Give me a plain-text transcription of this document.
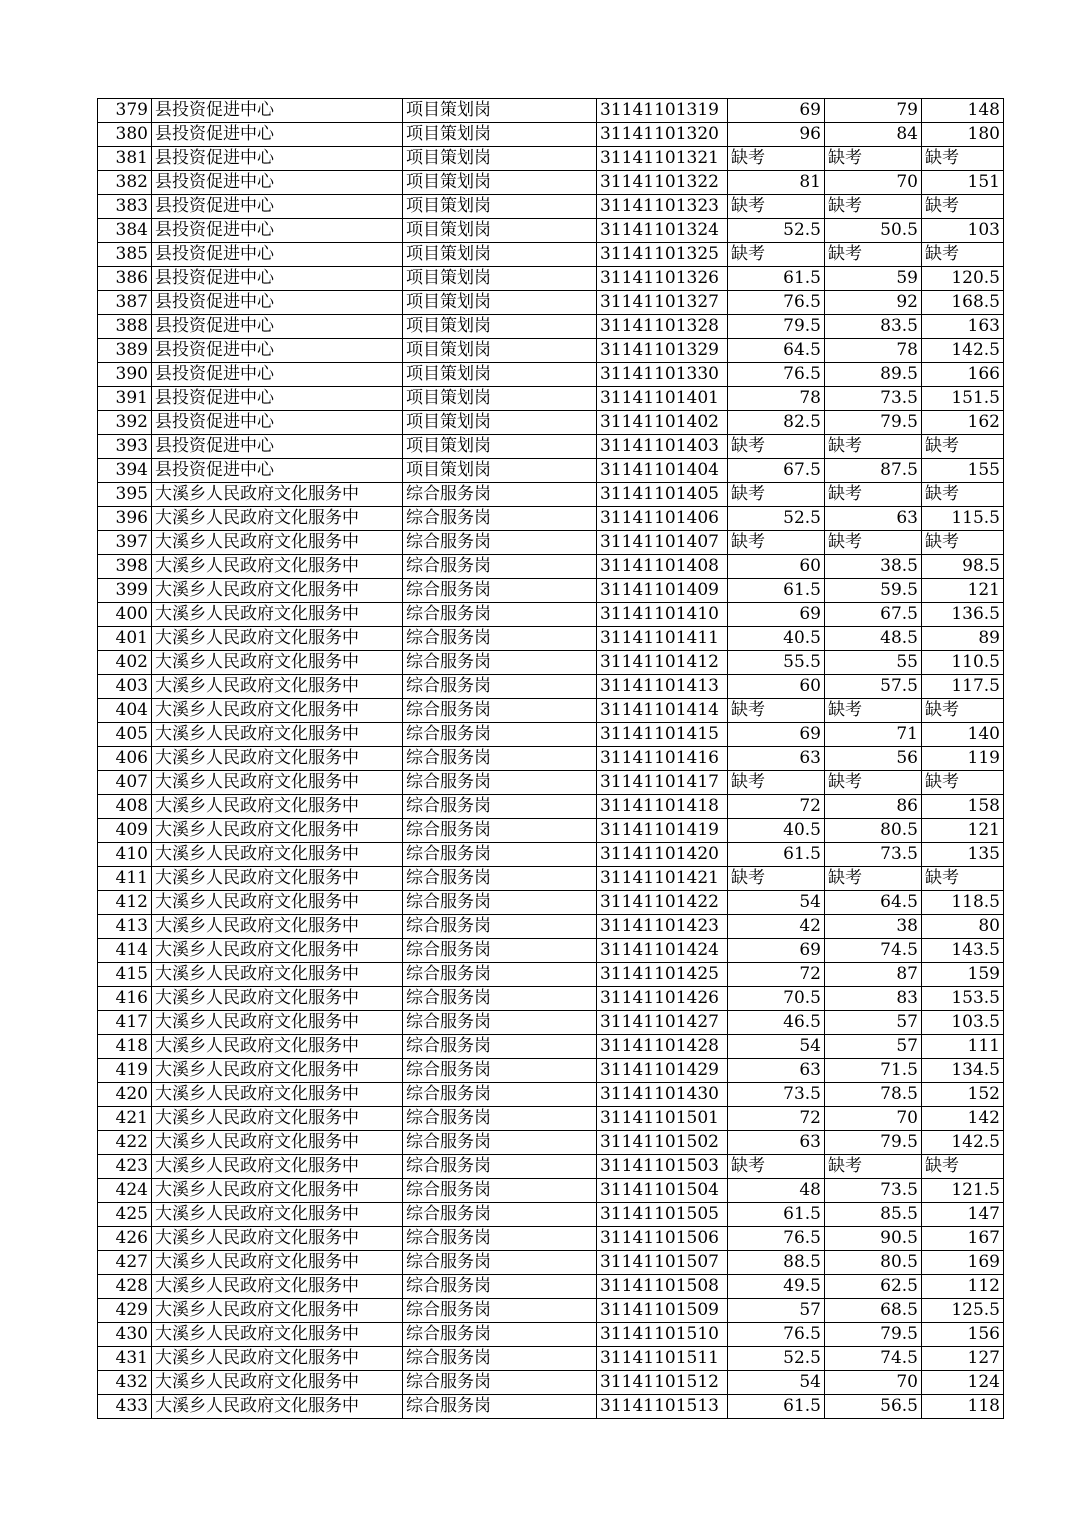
379	县投资促进中心	项目策划岗	31141101319	69	79	148
380	县投资促进中心	项目策划岗	31141101320	96	84	180
381	县投资促进中心	项目策划岗	31141101321	缺考	缺考	缺考
382	县投资促进中心	项目策划岗	31141101322	81	70	151
383	县投资促进中心	项目策划岗	31141101323	缺考	缺考	缺考
384	县投资促进中心	项目策划岗	31141101324	52.5	50.5	103
385	县投资促进中心	项目策划岗	31141101325	缺考	缺考	缺考
386	县投资促进中心	项目策划岗	31141101326	61.5	59	120.5
387	县投资促进中心	项目策划岗	31141101327	76.5	92	168.5
388	县投资促进中心	项目策划岗	31141101328	79.5	83.5	163
389	县投资促进中心	项目策划岗	31141101329	64.5	78	142.5
390	县投资促进中心	项目策划岗	31141101330	76.5	89.5	166
391	县投资促进中心	项目策划岗	31141101401	78	73.5	151.5
392	县投资促进中心	项目策划岗	31141101402	82.5	79.5	162
393	县投资促进中心	项目策划岗	31141101403	缺考	缺考	缺考
394	县投资促进中心	项目策划岗	31141101404	67.5	87.5	155
395	大溪乡人民政府文化服务中	综合服务岗	31141101405	缺考	缺考	缺考
396	大溪乡人民政府文化服务中	综合服务岗	31141101406	52.5	63	115.5
397	大溪乡人民政府文化服务中	综合服务岗	31141101407	缺考	缺考	缺考
398	大溪乡人民政府文化服务中	综合服务岗	31141101408	60	38.5	98.5
399	大溪乡人民政府文化服务中	综合服务岗	31141101409	61.5	59.5	121
400	大溪乡人民政府文化服务中	综合服务岗	31141101410	69	67.5	136.5
401	大溪乡人民政府文化服务中	综合服务岗	31141101411	40.5	48.5	89
402	大溪乡人民政府文化服务中	综合服务岗	31141101412	55.5	55	110.5
403	大溪乡人民政府文化服务中	综合服务岗	31141101413	60	57.5	117.5
404	大溪乡人民政府文化服务中	综合服务岗	31141101414	缺考	缺考	缺考
405	大溪乡人民政府文化服务中	综合服务岗	31141101415	69	71	140
406	大溪乡人民政府文化服务中	综合服务岗	31141101416	63	56	119
407	大溪乡人民政府文化服务中	综合服务岗	31141101417	缺考	缺考	缺考
408	大溪乡人民政府文化服务中	综合服务岗	31141101418	72	86	158
409	大溪乡人民政府文化服务中	综合服务岗	31141101419	40.5	80.5	121
410	大溪乡人民政府文化服务中	综合服务岗	31141101420	61.5	73.5	135
411	大溪乡人民政府文化服务中	综合服务岗	31141101421	缺考	缺考	缺考
412	大溪乡人民政府文化服务中	综合服务岗	31141101422	54	64.5	118.5
413	大溪乡人民政府文化服务中	综合服务岗	31141101423	42	38	80
414	大溪乡人民政府文化服务中	综合服务岗	31141101424	69	74.5	143.5
415	大溪乡人民政府文化服务中	综合服务岗	31141101425	72	87	159
416	大溪乡人民政府文化服务中	综合服务岗	31141101426	70.5	83	153.5
417	大溪乡人民政府文化服务中	综合服务岗	31141101427	46.5	57	103.5
418	大溪乡人民政府文化服务中	综合服务岗	31141101428	54	57	111
419	大溪乡人民政府文化服务中	综合服务岗	31141101429	63	71.5	134.5
420	大溪乡人民政府文化服务中	综合服务岗	31141101430	73.5	78.5	152
421	大溪乡人民政府文化服务中	综合服务岗	31141101501	72	70	142
422	大溪乡人民政府文化服务中	综合服务岗	31141101502	63	79.5	142.5
423	大溪乡人民政府文化服务中	综合服务岗	31141101503	缺考	缺考	缺考
424	大溪乡人民政府文化服务中	综合服务岗	31141101504	48	73.5	121.5
425	大溪乡人民政府文化服务中	综合服务岗	31141101505	61.5	85.5	147
426	大溪乡人民政府文化服务中	综合服务岗	31141101506	76.5	90.5	167
427	大溪乡人民政府文化服务中	综合服务岗	31141101507	88.5	80.5	169
428	大溪乡人民政府文化服务中	综合服务岗	31141101508	49.5	62.5	112
429	大溪乡人民政府文化服务中	综合服务岗	31141101509	57	68.5	125.5
430	大溪乡人民政府文化服务中	综合服务岗	31141101510	76.5	79.5	156
431	大溪乡人民政府文化服务中	综合服务岗	31141101511	52.5	74.5	127
432	大溪乡人民政府文化服务中	综合服务岗	31141101512	54	70	124
433	大溪乡人民政府文化服务中	综合服务岗	31141101513	61.5	56.5	118
